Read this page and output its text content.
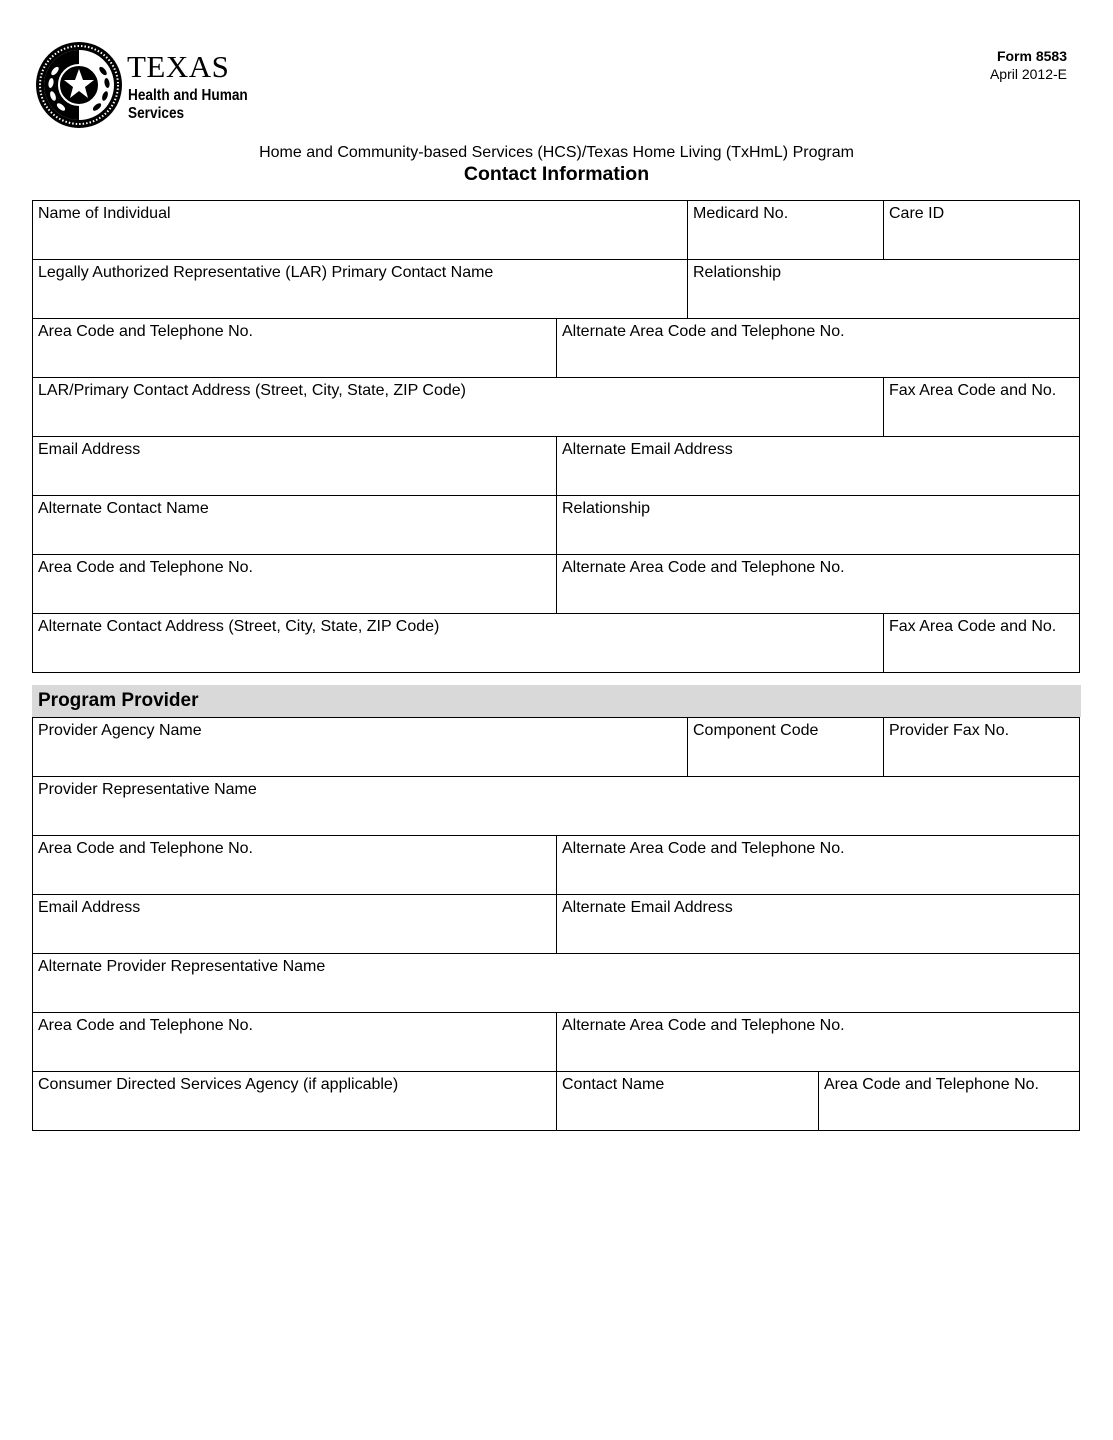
TEXAS
Health and Human
Services
Form 8583
April 2012-E
Home and Community-based Services (HCS)/Texas Home Living (TxHmL) Program
Contact Information
Name of Individual	Medicard No.	Care ID
Legally Authorized Representative (LAR) Primary Contact Name	Relationship
Area Code and Telephone No.	Alternate Area Code and Telephone No.
LAR/Primary Contact Address (Street, City, State, ZIP Code)	Fax Area Code and No.
Email Address	Alternate Email Address
Alternate Contact Name	Relationship
Area Code and Telephone No.	Alternate Area Code and Telephone No.
Alternate Contact Address (Street, City, State, ZIP Code)	Fax Area Code and No.
Program Provider
Provider Agency Name	Component Code	Provider Fax No.
Provider Representative Name
Area Code and Telephone No.	Alternate Area Code and Telephone No.
Email Address	Alternate Email Address
Alternate Provider Representative Name
Area Code and Telephone No.	Alternate Area Code and Telephone No.
Consumer Directed Services Agency (if applicable)	Contact Name	Area Code and Telephone No.
